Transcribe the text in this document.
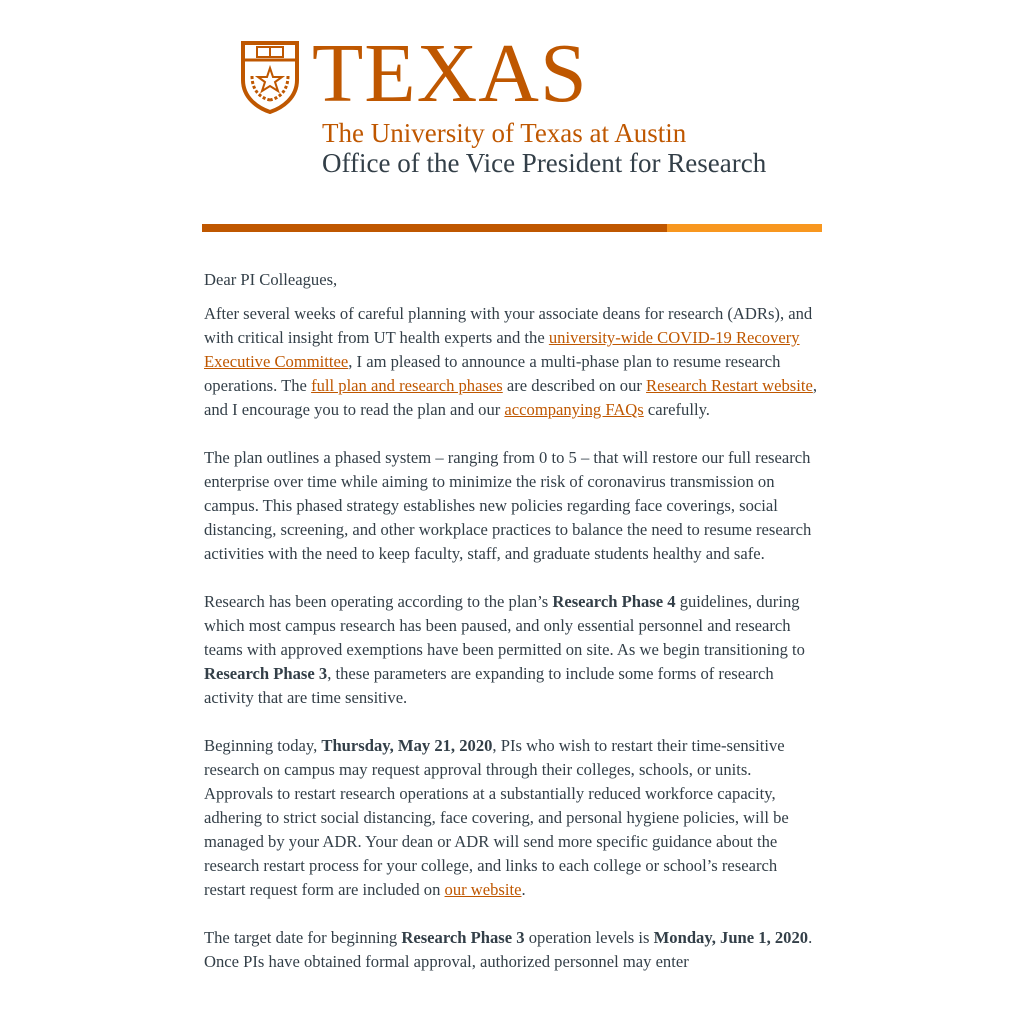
TEXAS
The University of Texas at Austin
Office of the Vice President for Research

Dear PI Colleagues,

After several weeks of careful planning with your associate deans for research (ADRs), and with critical insight from UT health experts and the university-wide COVID-19 Recovery Executive Committee, I am pleased to announce a multi-phase plan to resume research operations. The full plan and research phases are described on our Research Restart website, and I encourage you to read the plan and our accompanying FAQs carefully.

The plan outlines a phased system – ranging from 0 to 5 – that will restore our full research enterprise over time while aiming to minimize the risk of coronavirus transmission on campus. This phased strategy establishes new policies regarding face coverings, social distancing, screening, and other workplace practices to balance the need to resume research activities with the need to keep faculty, staff, and graduate students healthy and safe.

Research has been operating according to the plan’s Research Phase 4 guidelines, during which most campus research has been paused, and only essential personnel and research teams with approved exemptions have been permitted on site. As we begin transitioning to Research Phase 3, these parameters are expanding to include some forms of research activity that are time sensitive.

Beginning today, Thursday, May 21, 2020, PIs who wish to restart their time-sensitive research on campus may request approval through their colleges, schools, or units. Approvals to restart research operations at a substantially reduced workforce capacity, adhering to strict social distancing, face covering, and personal hygiene policies, will be managed by your ADR. Your dean or ADR will send more specific guidance about the research restart process for your college, and links to each college or school’s research restart request form are included on our website.

The target date for beginning Research Phase 3 operation levels is Monday, June 1, 2020. Once PIs have obtained formal approval, authorized personnel may enter
